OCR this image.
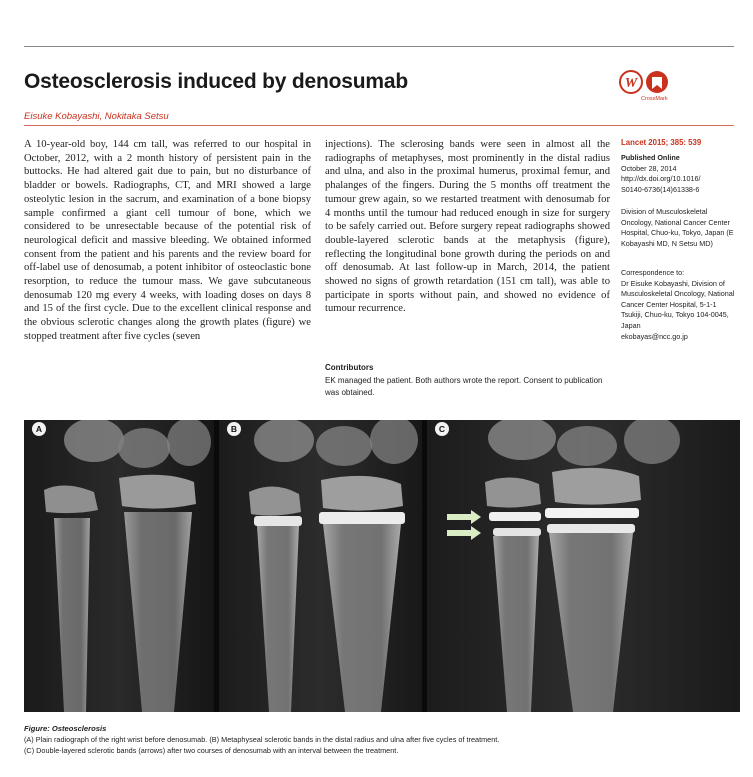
Osteosclerosis induced by denosumab	W
CrossMark
Eisuke Kobayashi, Nokitaka Setsu
A 10-year-old boy, 144 cm tall, was referred to our hospital in October, 2012, with a 2 month history of persistent pain in the buttocks. He had altered gait due to pain, but no disturbance of bladder or bowels. Radiographs, CT, and MRI showed a large osteolytic lesion in the sacrum, and examination of a bone biopsy sample confirmed a giant cell tumour of bone, which we considered to be unresectable because of the potential risk of neurological deficit and massive bleeding. We obtained informed consent from the patient and his parents and the review board for off-label use of denosumab, a potent inhibitor of osteoclastic bone resorption, to reduce the tumour mass. We gave subcutaneous denosumab 120 mg every 4 weeks, with loading doses on days 8 and 15 of the first cycle. Due to the excellent clinical response and the obvious sclerotic changes along the growth plates (figure) we stopped treatment after five cycles (seven
injections). The sclerosing bands were seen in almost all the radiographs of metaphyses, most prominently in the distal radius and ulna, and also in the proximal humerus, proximal femur, and phalanges of the fingers. During the 5 months off treatment the tumour grew again, so we restarted treatment with denosumab for 4 months until the tumour had reduced enough in size for surgery to be safely carried out. Before surgery repeat radiographs showed double-layered sclerotic bands at the metaphysis (figure), reflecting the longitudinal bone growth during the periods on and off denosumab. At last follow-up in March, 2014, the patient showed no signs of growth retardation (151 cm tall), was able to participate in sports without pain, and showed no evidence of tumour recurrence.
Contributors
EK managed the patient. Both authors wrote the report. Consent to publication was obtained.
Lancet 2015; 385: 539
Published Online
October 28, 2014
http://dx.doi.org/10.1016/
S0140-6736(14)61338-6
Division of Musculoskeletal Oncology, National Cancer Center Hospital, Chuo-ku, Tokyo, Japan (E Kobayashi MD, N Setsu MD)
Correspondence to:
Dr Eisuke Kobayashi, Division of Musculoskeletal Oncology, National Cancer Center Hospital, 5-1-1 Tsukiji, Chuo-ku, Tokyo 104-0045, Japan
ekobayas@ncc.go.jp
A	B	C
Figure: Osteosclerosis
(A) Plain radiograph of the right wrist before denosumab. (B) Metaphyseal sclerotic bands in the distal radius and ulna after five cycles of treatment.
(C) Double-layered sclerotic bands (arrows) after two courses of denosumab with an interval between the treatment.
